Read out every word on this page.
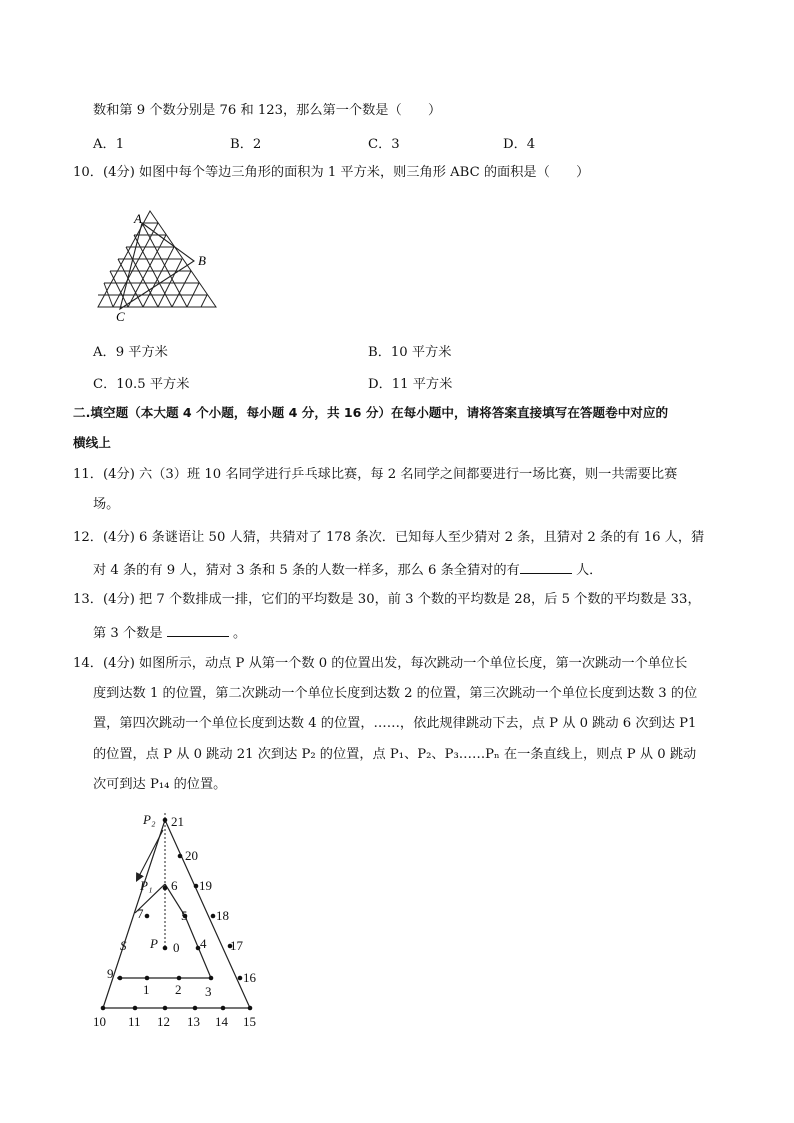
数和第 9 个数分别是 76 和 123，那么第一个数是（　　）
A．1	B．2	C．3	D．4
10．(4分) 如图中每个等边三角形的面积为 1 平方米，则三角形 ABC 的面积是（　　）
A
B
C
A．9 平方米	B．10 平方米
C．10.5 平方米	D．11 平方米
二.填空题（本大题 4 个小题，每小题 4 分，共 16 分）在每小题中，请将答案直接填写在答题卷中对应的
横线上
11．(4分) 六（3）班 10 名同学进行乒乓球比赛，每 2 名同学之间都要进行一场比赛，则一共需要比赛
场。
12．(4分) 6 条谜语让 50 人猜，共猜对了 178 条次．已知每人至少猜对 2 条，且猜对 2 条的有 16 人，猜
对 4 条的有 9 人，猜对 3 条和 5 条的人数一样多，那么 6 条全猜对的有	人．
13．(4分) 把 7 个数排成一排，它们的平均数是 30，前 3 个数的平均数是 28，后 5 个数的平均数是 33，
第 3 个数是	。
14．(4分) 如图所示，动点 P 从第一个数 0 的位置出发，每次跳动一个单位长度，第一次跳动一个单位长
度到达数 1 的位置，第二次跳动一个单位长度到达数 2 的位置，第三次跳动一个单位长度到达数 3 的位
置，第四次跳动一个单位长度到达数 4 的位置，……，依此规律跳动下去，点 P 从 0 跳动 6 次到达 P1
的位置，点 P 从 0 跳动 21 次到达 P₂ 的位置，点 P₁、P₂、P₃……Pₙ 在一条直线上，则点 P 从 0 跳动
次可到达 P₁₄ 的位置。
P₂ 21
20
P₁ 6 19
7	5 18
S P 0 4 17
9	16
1 2 3
10 11 12 13 14 15
